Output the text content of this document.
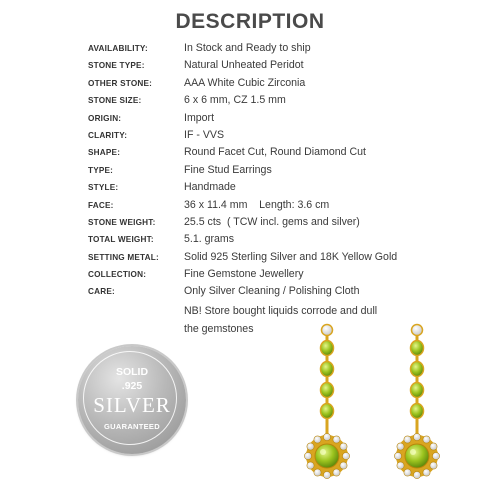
DESCRIPTION
AVAILABILITY:	In Stock and Ready to ship
STONE TYPE:	Natural Unheated Peridot
OTHER STONE:	AAA White Cubic Zirconia
STONE SIZE:	6 x 6 mm, CZ 1.5 mm
ORIGIN:	Import
CLARITY:	IF - VVS
SHAPE:	Round Facet Cut, Round Diamond Cut
TYPE:	Fine Stud Earrings
STYLE:	Handmade
FACE:	36 x 11.4 mm    Length: 3.6 cm
STONE WEIGHT:	25.5 cts  ( TCW incl. gems and silver)
TOTAL WEIGHT:	5.1. grams
SETTING METAL: Solid 925 Sterling Silver and 18K Yellow Gold
COLLECTION:	Fine Gemstone Jewellery
CARE:	Only Silver Cleaning / Polishing Cloth
NB! Store bought liquids corrode and dull
the gemstones
SOLID
.925
SILVER
GUARANTEED
